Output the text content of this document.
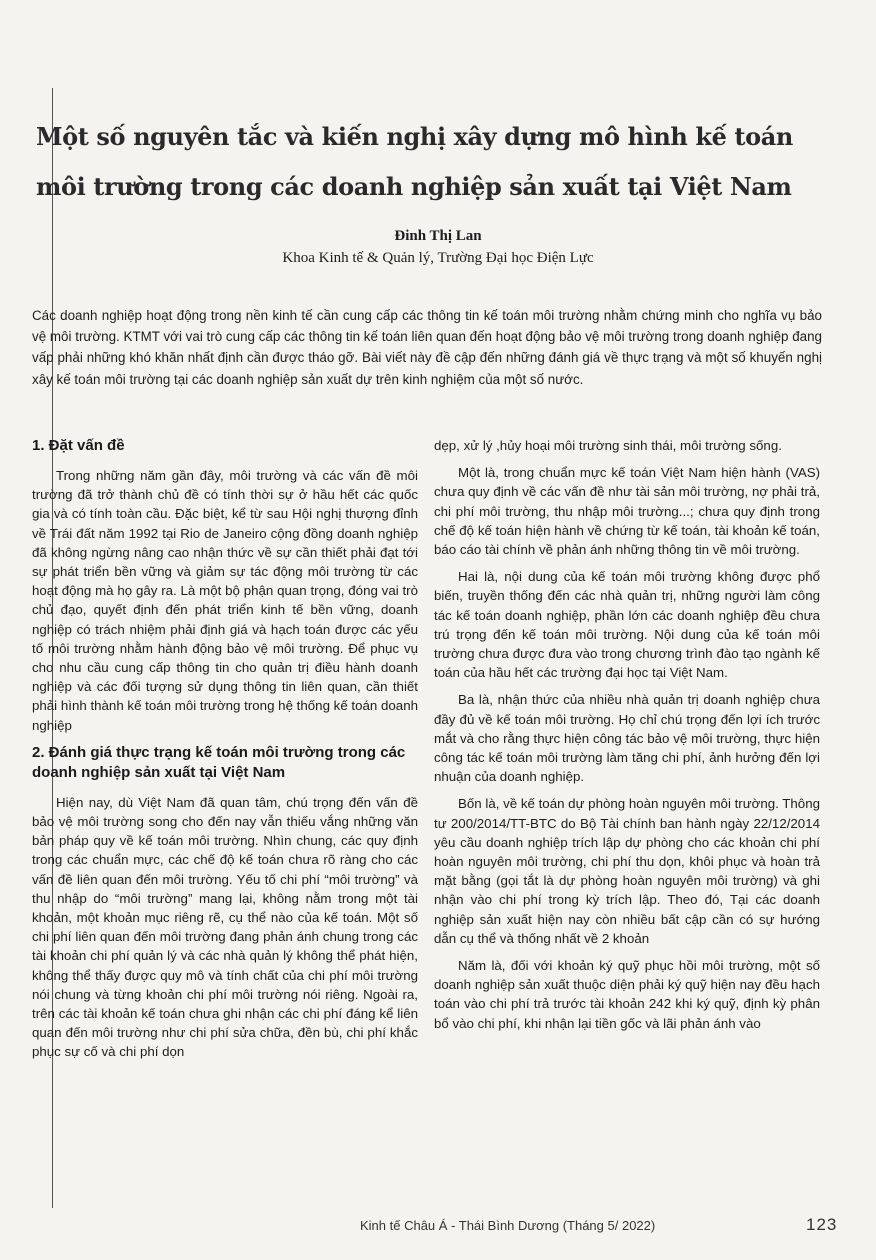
Một số nguyên tắc và kiến nghị xây dựng mô hình kế toán
môi trường trong các doanh nghiệp sản xuất tại Việt Nam
Đinh Thị Lan
Khoa Kinh tế & Quản lý, Trường Đại học Điện Lực

Các doanh nghiệp hoạt động trong nền kinh tế cần cung cấp các thông tin kế toán môi trường nhằm chứng minh cho nghĩa vụ bảo vệ môi trường. KTMT với vai trò cung cấp các thông tin kế toán liên quan đến hoạt động bảo vệ môi trường trong doanh nghiệp đang vấp phải những khó khăn nhất định cần được tháo gỡ. Bài viết này đề cập đến những đánh giá về thực trạng và một số khuyến nghị xây kế toán môi trường tại các doanh nghiệp sản xuất dự trên kinh nghiệm của một số nước.

1. Đặt vấn đề

Trong những năm gần đây, môi trường và các vấn đề môi trường đã trở thành chủ đề có tính thời sự ở hầu hết các quốc gia và có tính toàn cầu. Đặc biệt, kể từ sau Hội nghị thượng đỉnh về Trái đất năm 1992 tại Rio de Janeiro cộng đồng doanh nghiệp đã không ngừng nâng cao nhận thức về sự cần thiết phải đạt tới sự phát triển bền vững và giảm sự tác động môi trường từ các hoạt động mà họ gây ra. Là một bộ phận quan trọng, đóng vai trò chủ đạo, quyết định đến phát triển kinh tế bền vững, doanh nghiệp có trách nhiệm phải định giá và hạch toán được các yếu tố môi trường nhằm hành động bảo vệ môi trường. Để phục vụ cho nhu cầu cung cấp thông tin cho quản trị điều hành doanh nghiệp và các đối tượng sử dụng thông tin liên quan, cần thiết phải hình thành kế toán môi trường trong hệ thống kế toán doanh nghiệp

2. Đánh giá thực trạng kế toán môi trường trong các doanh nghiệp sản xuất tại Việt Nam

Hiện nay, dù Việt Nam đã quan tâm, chú trọng đến vấn đề bảo vệ môi trường song cho đến nay vẫn thiếu vắng những văn bản pháp quy về kế toán môi trường. Nhìn chung, các quy định trong các chuẩn mực, các chế độ kế toán chưa rõ ràng cho các vấn đề liên quan đến môi trường. Yếu tố chi phí “môi trường” và thu nhập do “môi trường” mang lại, không nằm trong một tài khoản, một khoản mục riêng rẽ, cụ thể nào của kế toán. Một số chi phí liên quan đến môi trường đang phản ánh chung trong các tài khoản chi phí quản lý và các nhà quản lý không thể phát hiện, không thể thấy được quy mô và tính chất của chi phí môi trường nói chung và từng khoản chi phí môi trường nói riêng. Ngoài ra, trên các tài khoản kế toán chưa ghi nhận các chi phí đáng kể liên quan đến môi trường như chi phí sửa chữa, đền bù, chi phí khắc phục sự cố và chi phí dọn

dẹp, xử lý ,hủy hoại môi trường sinh thái, môi trường sống.

Một là, trong chuẩn mực kế toán Việt Nam hiện hành (VAS) chưa quy định về các vấn đề như tài sản môi trường, nợ phải trả, chi phí môi trường, thu nhập môi trường...; chưa quy định trong chế độ kế toán hiện hành về chứng từ kế toán, tài khoản kế toán, báo cáo tài chính về phản ánh những thông tin về môi trường.

Hai là, nội dung của kế toán môi trường không được phổ biến, truyền thống đến các nhà quản trị, những người làm công tác kế toán doanh nghiệp, phần lớn các doanh nghiệp đều chưa trú trọng đến kế toán môi trường. Nội dung của kế toán môi trường chưa được đưa vào trong chương trình đào tạo ngành kế toán của hầu hết các trường đại học tại Việt Nam.

Ba là, nhận thức của nhiều nhà quản trị doanh nghiệp chưa đầy đủ về kế toán môi trường. Họ chỉ chú trọng đến lợi ích trước mắt và cho rằng thực hiện công tác bảo vệ môi trường, thực hiện công tác kế toán môi trường làm tăng chi phí, ảnh hưởng đến lợi nhuận của doanh nghiệp.

Bốn là, về kế toán dự phòng hoàn nguyên môi trường. Thông tư 200/2014/TT-BTC do Bộ Tài chính ban hành ngày 22/12/2014 yêu cầu doanh nghiệp trích lập dự phòng cho các khoản chi phí hoàn nguyên môi trường, chi phí thu dọn, khôi phục và hoàn trả mặt bằng (gọi tắt là dự phòng hoàn nguyên môi trường) và ghi nhận vào chi phí trong kỳ trích lập. Theo đó, Tại các doanh nghiệp sản xuất hiện nay còn nhiều bất cập cần có sự hướng dẫn cụ thể và thống nhất về 2 khoản

Năm là, đối với khoản ký quỹ phục hồi môi trường, một số doanh nghiệp sản xuất thuộc diện phải ký quỹ hiện nay đều hạch toán vào chi phí trả trước tài khoản 242 khi ký quỹ, định kỳ phân bổ vào chi phí, khi nhận lại tiền gốc và lãi phản ánh vào

Kinh tế Châu Á - Thái Bình Dương (Tháng 5/ 2022)	123
